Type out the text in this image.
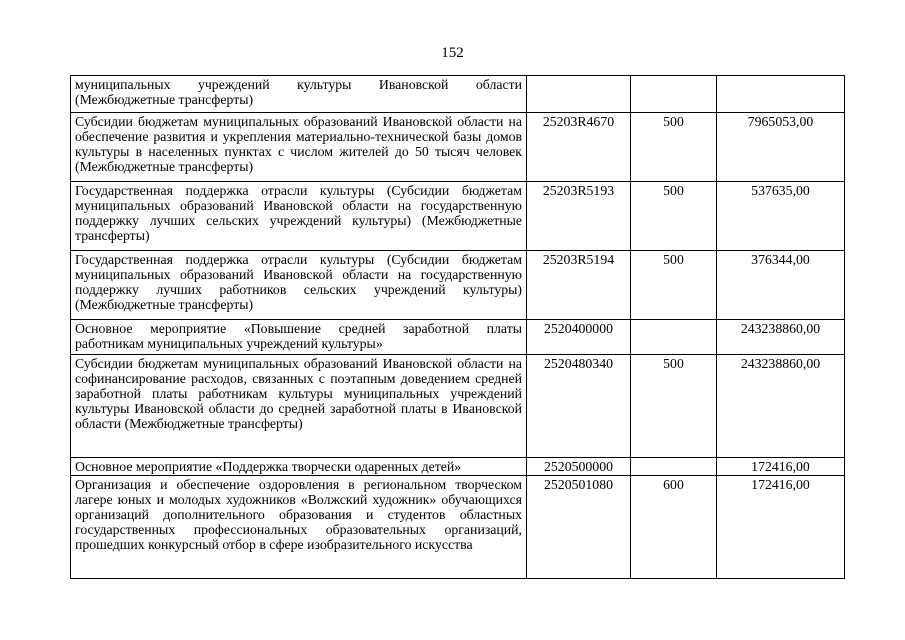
152
муниципальных учреждений культуры Ивановской области (Межбюджетные трансферты)			
Субсидии бюджетам муниципальных образований Ивановской области на обеспечение развития и укрепления материально-технической базы домов культуры в населенных пунктах с числом жителей до 50 тысяч человек (Межбюджетные трансферты)	25203R4670	500	7965053,00
Государственная поддержка отрасли культуры (Субсидии бюджетам муниципальных образований Ивановской области на государственную поддержку лучших сельских учреждений культуры) (Межбюджетные трансферты)	25203R5193	500	537635,00
Государственная поддержка отрасли культуры (Субсидии бюджетам муниципальных образований Ивановской области на государственную поддержку лучших работников сельских учреждений культуры) (Межбюджетные трансферты)	25203R5194	500	376344,00
Основное мероприятие «Повышение средней заработной платы работникам муниципальных учреждений культуры»	2520400000		243238860,00
Субсидии бюджетам муниципальных образований Ивановской области на софинансирование расходов, связанных с поэтапным доведением средней заработной платы работникам культуры муниципальных учреждений культуры Ивановской области до средней заработной платы в Ивановской области (Межбюджетные трансферты)	2520480340	500	243238860,00
Основное мероприятие «Поддержка творчески одаренных детей»	2520500000		172416,00
Организация и обеспечение оздоровления в региональном творческом лагере юных и молодых художников «Волжский художник» обучающихся организаций дополнительного образования и студентов областных государственных профессиональных образовательных организаций, прошедших конкурсный отбор в сфере изобразительного искусства	2520501080	600	172416,00
